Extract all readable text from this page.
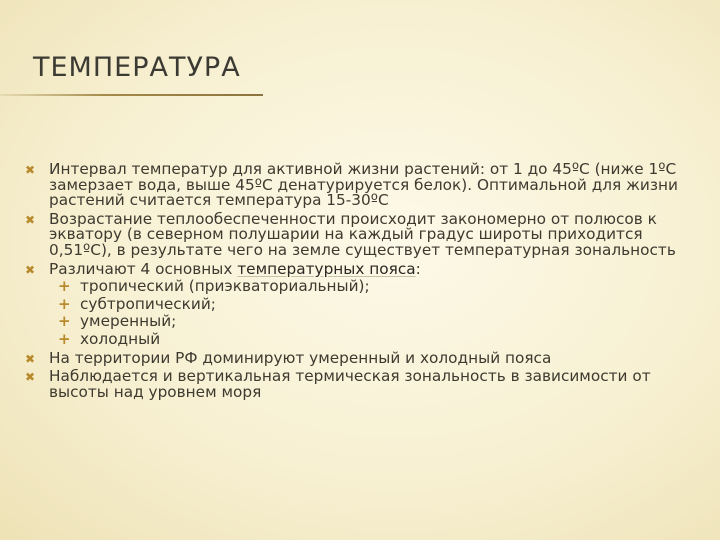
ТЕМПЕРАТУРА
✖ Интервал температур для активной жизни растений: от 1 до 45ºС (ниже 1ºС замерзает вода, выше 45ºС денатурируется белок). Оптимальной для жизни растений считается температура 15-30ºС
✖ Возрастание теплообеспеченности происходит закономерно от полюсов к экватору (в северном полушарии на каждый градус широты приходится 0,51ºС), в результате чего на земле существует температурная зональность
✖ Различают 4 основных температурных пояса:
+ тропический (приэкваториальный);
+ субтропический;
+ умеренный;
+ холодный
✖ На территории РФ доминируют умеренный и холодный пояса
✖ Наблюдается и вертикальная термическая зональность в зависимости от высоты над уровнем моря
